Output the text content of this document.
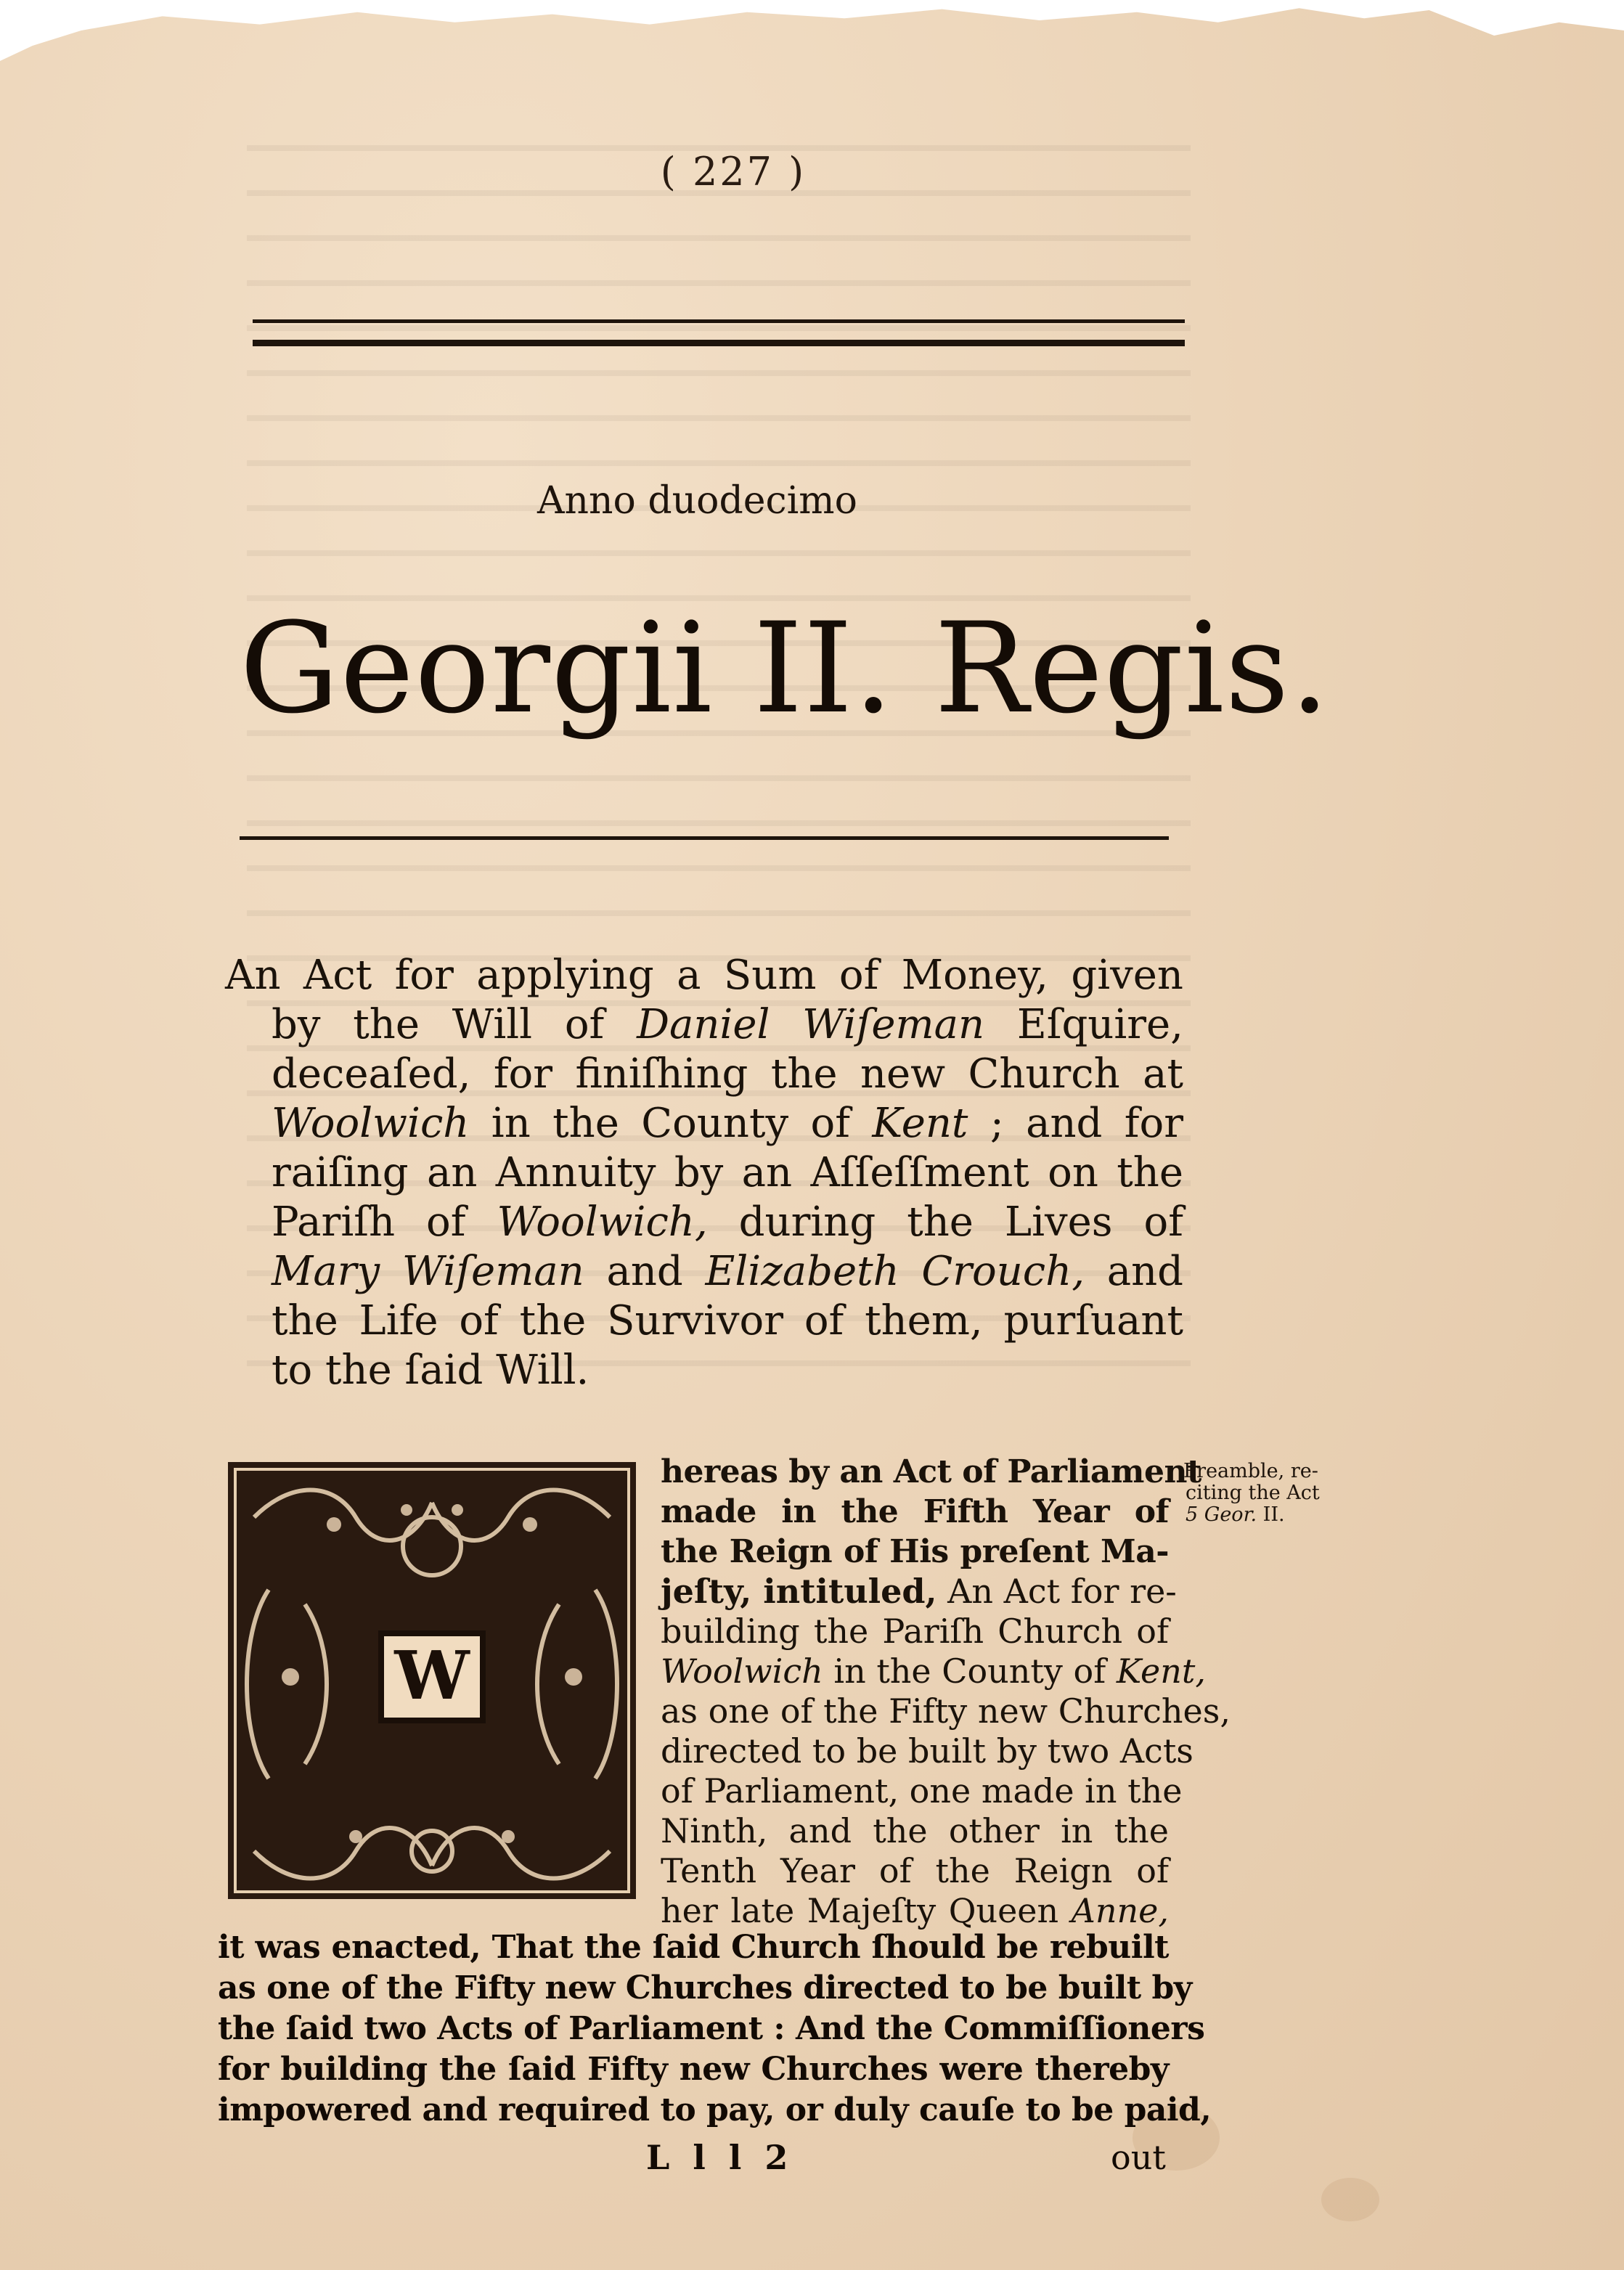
( 227 )
Anno duodecimo
Georgii II. Regis.
An Act for applying a Sum of Money, given
by the Will of Daniel Wiſeman Eſquire,
deceaſed, for finiſhing the new Church at
Woolwich in the County of Kent ; and for
raiſing an Annuity by an Aſſeſſment on the
Pariſh of Woolwich, during the Lives of
Mary Wiſeman and Elizabeth Crouch, and
the Life of the Survivor of them, purſuant
to the ſaid Will.
W
hereas by an Act of Parliament
made in the Fifth Year of
the Reign of His preſent Ma-
jeſty, intituled, An Act for re-
building the Pariſh Church of
Woolwich in the County of Kent,
as one of the Fifty new Churches,
directed to be built by two Acts
of Parliament, one made in the
Ninth, and the other in the
Tenth Year of the Reign of
her late Majeſty Queen Anne,
Preamble, re-
citing the Act
5 Geor. II.
it was enacted, That the ſaid Church ſhould be rebuilt
as one of the Fifty new Churches directed to be built by
the ſaid two Acts of Parliament : And the Commiſſioners
for building the ſaid Fifty new Churches were thereby
impowered and required to pay, or duly cauſe to be paid,
L l l 2	out
